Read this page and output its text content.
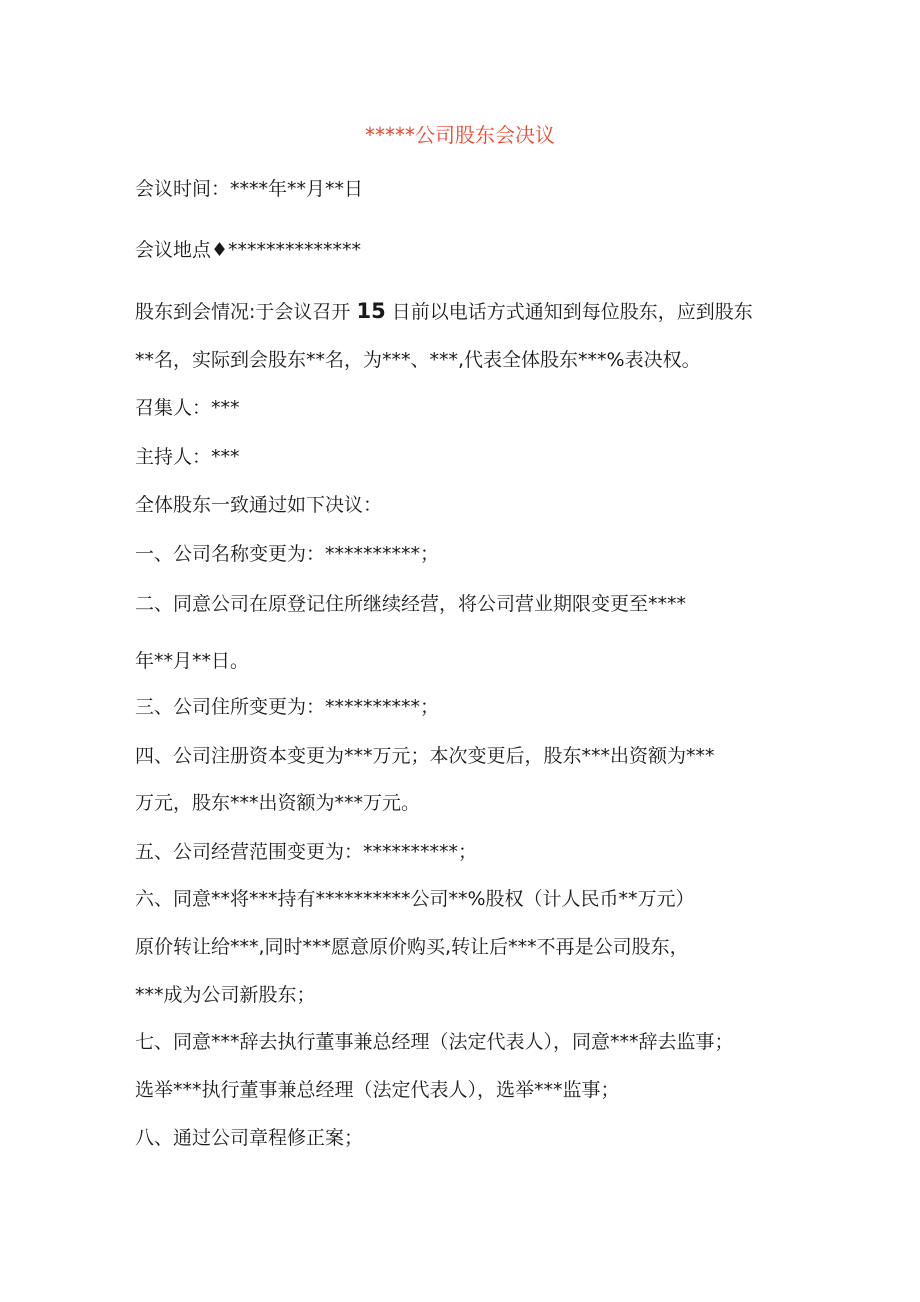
*****公司股东会决议
会议时间：****年**月**日
会议地点♦**************
股东到会情况:于会议召开 15 日前以电话方式通知到每位股东，应到股东
**名，实际到会股东**名，为***、***,代表全体股东***%表决权。
召集人：***
主持人：***
全体股东一致通过如下决议：
一、公司名称变更为：**********；
二、同意公司在原登记住所继续经营，将公司营业期限变更至****
年**月**日。
三、公司住所变更为：**********；
四、公司注册资本变更为***万元；本次变更后，股东***出资额为***
万元，股东***出资额为***万元。
五、公司经营范围变更为：**********；
六、同意**将***持有**********公司**%股权（计人民币**万元）
原价转让给***,同时***愿意原价购买,转让后***不再是公司股东，
***成为公司新股东；
七、同意***辞去执行董事兼总经理（法定代表人），同意***辞去监事；
选举***执行董事兼总经理（法定代表人），选举***监事；
八、通过公司章程修正案；
